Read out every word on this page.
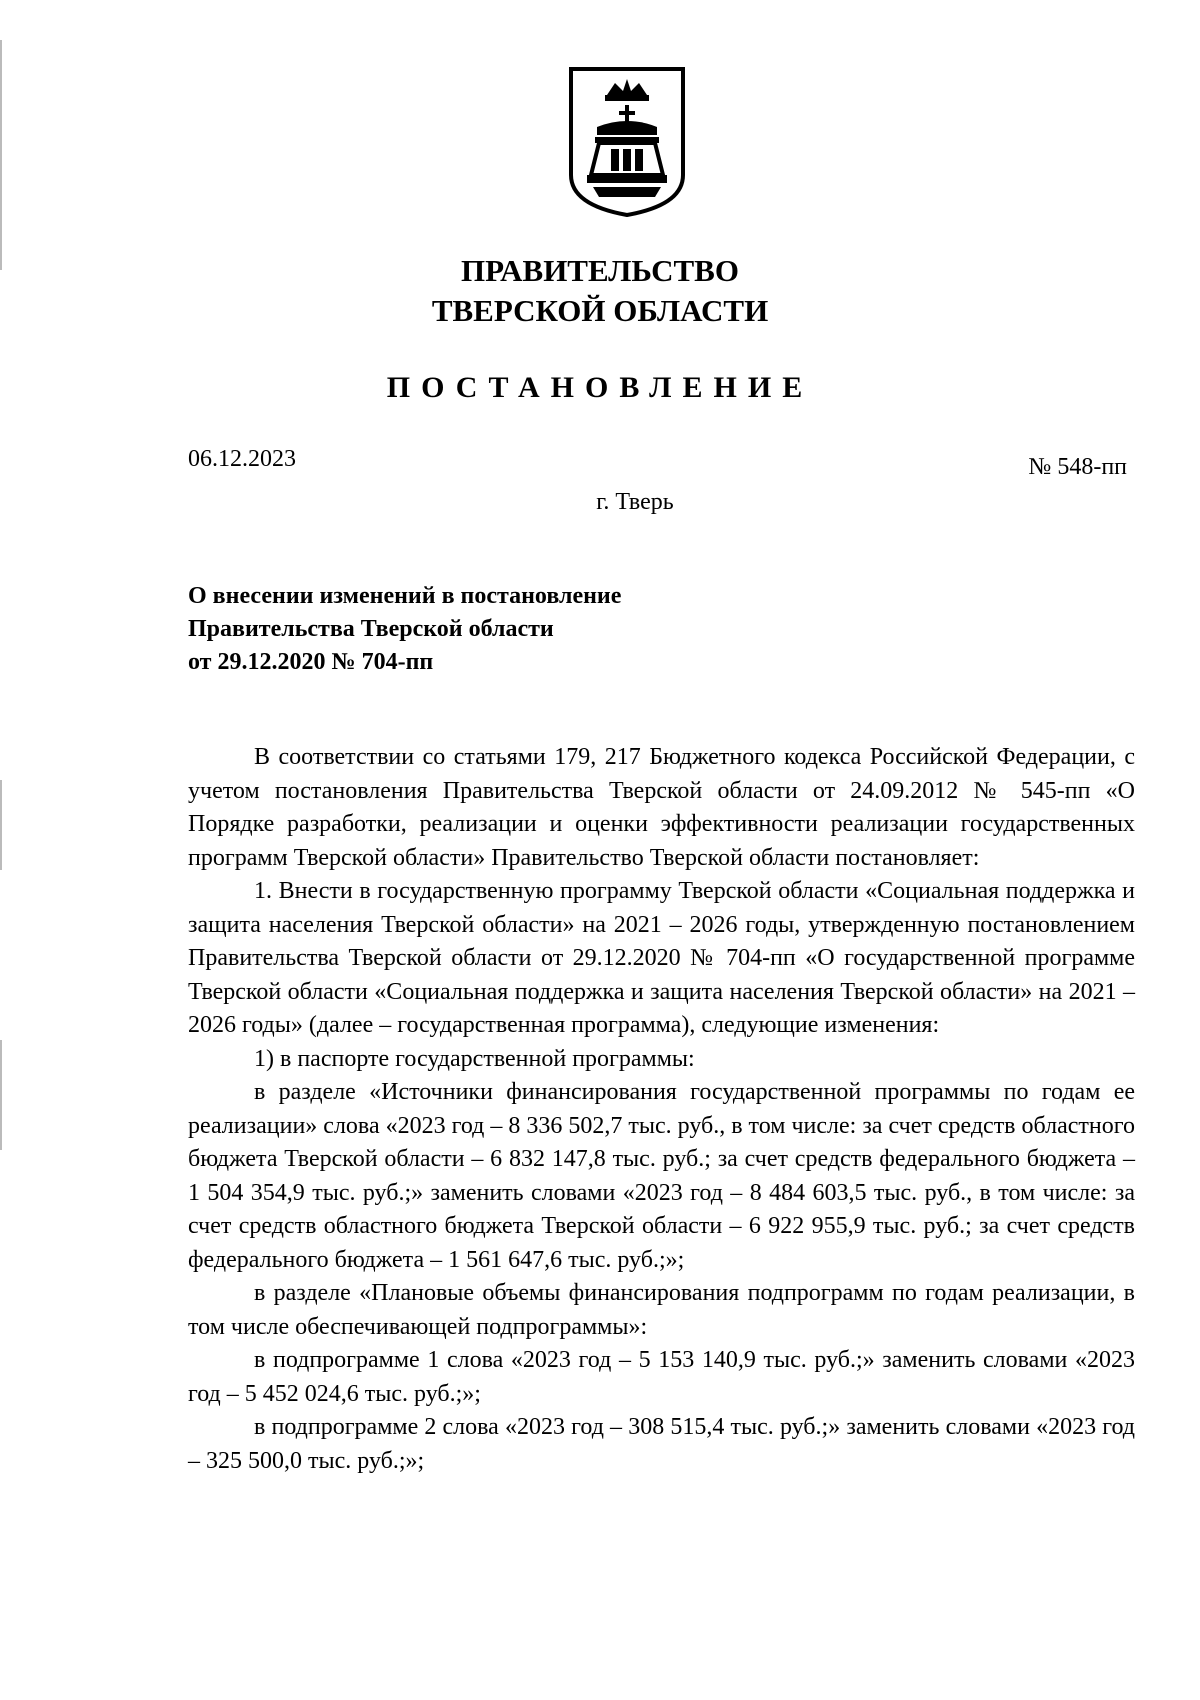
ПРАВИТЕЛЬСТВО
ТВЕРСКОЙ ОБЛАСТИ
ПОСТАНОВЛЕНИЕ
06.12.2023	№ 548-пп
г. Тверь
О внесении изменений в постановление
Правительства Тверской области
от 29.12.2020 № 704-пп

В соответствии со статьями 179, 217 Бюджетного кодекса Российской Федерации, с учетом постановления Правительства Тверской области от 24.09.2012 № 545-пп «О Порядке разработки, реализации и оценки эффективности реализации государственных программ Тверской области» Правительство Тверской области постановляет:

1. Внести в государственную программу Тверской области «Социальная поддержка и защита населения Тверской области» на 2021 – 2026 годы, утвержденную постановлением Правительства Тверской области от 29.12.2020 № 704-пп «О государственной программе Тверской области «Социальная поддержка и защита населения Тверской области» на 2021 – 2026 годы» (далее – государственная программа), следующие изменения:

1) в паспорте государственной программы:

в разделе «Источники финансирования государственной программы по годам ее реализации» слова «2023 год – 8 336 502,7 тыс. руб., в том числе: за счет средств областного бюджета Тверской области – 6 832 147,8 тыс. руб.; за счет средств федерального бюджета – 1 504 354,9 тыс. руб.;» заменить словами «2023 год – 8 484 603,5 тыс. руб., в том числе: за счет средств областного бюджета Тверской области – 6 922 955,9 тыс. руб.; за счет средств федерального бюджета – 1 561 647,6 тыс. руб.;»;

в разделе «Плановые объемы финансирования подпрограмм по годам реализации, в том числе обеспечивающей подпрограммы»:

в подпрограмме 1 слова «2023 год – 5 153 140,9 тыс. руб.;» заменить словами «2023 год – 5 452 024,6 тыс. руб.;»;

в подпрограмме 2 слова «2023 год – 308 515,4 тыс. руб.;» заменить словами «2023 год – 325 500,0 тыс. руб.;»;
